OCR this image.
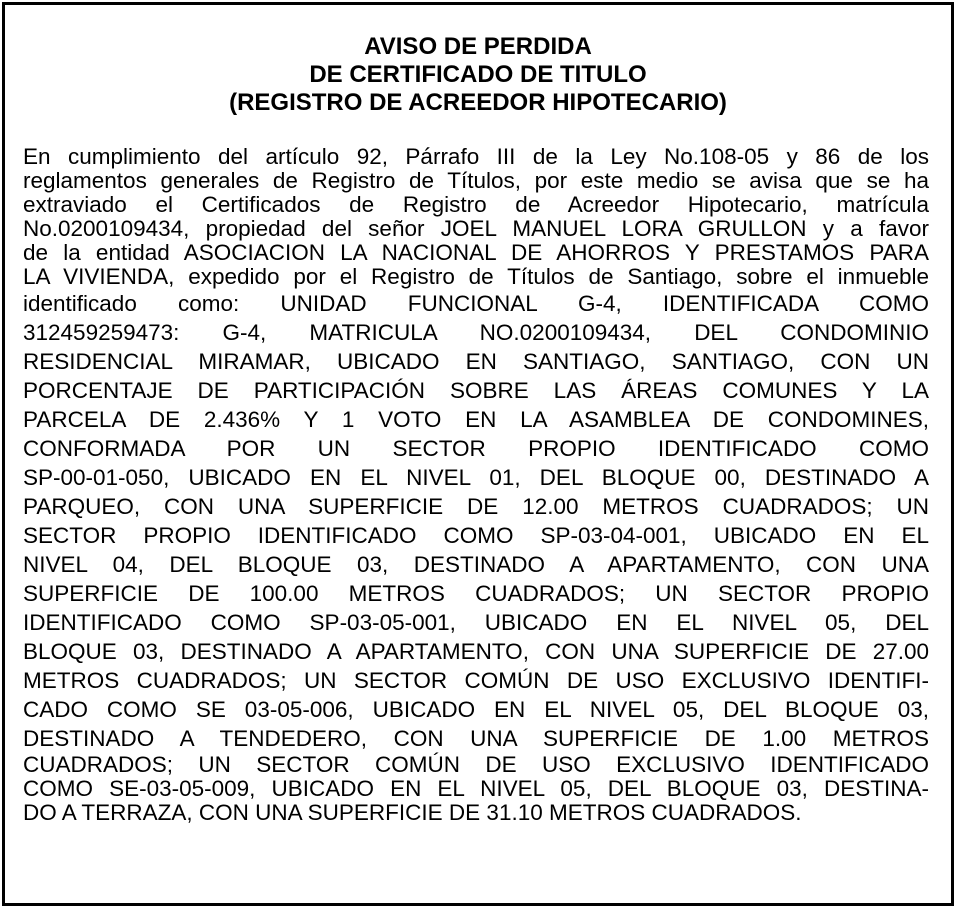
AVISO DE PERDIDA
DE CERTIFICADO DE TITULO
(REGISTRO DE ACREEDOR HIPOTECARIO)
En cumplimiento del artículo 92, Párrafo III de la Ley No.108-05 y 86 de los
reglamentos generales de Registro de Títulos, por este medio se avisa que se ha
extraviado el Certificados de Registro de Acreedor Hipotecario, matrícula
No.0200109434, propiedad del señor JOEL MANUEL LORA GRULLON y a favor
de la entidad ASOCIACION LA NACIONAL DE AHORROS Y PRESTAMOS PARA
LA VIVIENDA, expedido por el Registro de Títulos de Santiago, sobre el inmueble
identificado como: UNIDAD FUNCIONAL G-4, IDENTIFICADA COMO
312459259473: G-4, MATRICULA NO.0200109434, DEL CONDOMINIO
RESIDENCIAL MIRAMAR, UBICADO EN SANTIAGO, SANTIAGO, CON UN
PORCENTAJE DE PARTICIPACIÓN SOBRE LAS ÁREAS COMUNES Y LA
PARCELA DE 2.436% Y 1 VOTO EN LA ASAMBLEA DE CONDOMINES,
CONFORMADA POR UN SECTOR PROPIO IDENTIFICADO COMO
SP-00-01-050, UBICADO EN EL NIVEL 01, DEL BLOQUE 00, DESTINADO A
PARQUEO, CON UNA SUPERFICIE DE 12.00 METROS CUADRADOS; UN
SECTOR PROPIO IDENTIFICADO COMO SP-03-04-001, UBICADO EN EL
NIVEL 04, DEL BLOQUE 03, DESTINADO A APARTAMENTO, CON UNA
SUPERFICIE DE 100.00 METROS CUADRADOS; UN SECTOR PROPIO
IDENTIFICADO COMO SP-03-05-001, UBICADO EN EL NIVEL 05, DEL
BLOQUE 03, DESTINADO A APARTAMENTO, CON UNA SUPERFICIE DE 27.00
METROS CUADRADOS; UN SECTOR COMÚN DE USO EXCLUSIVO IDENTIFI-
CADO COMO SE 03-05-006, UBICADO EN EL NIVEL 05, DEL BLOQUE 03,
DESTINADO A TENDEDERO, CON UNA SUPERFICIE DE 1.00 METROS
CUADRADOS; UN SECTOR COMÚN DE USO EXCLUSIVO IDENTIFICADO
COMO SE-03-05-009, UBICADO EN EL NIVEL 05, DEL BLOQUE 03, DESTINA-
DO A TERRAZA, CON UNA SUPERFICIE DE 31.10 METROS CUADRADOS.
